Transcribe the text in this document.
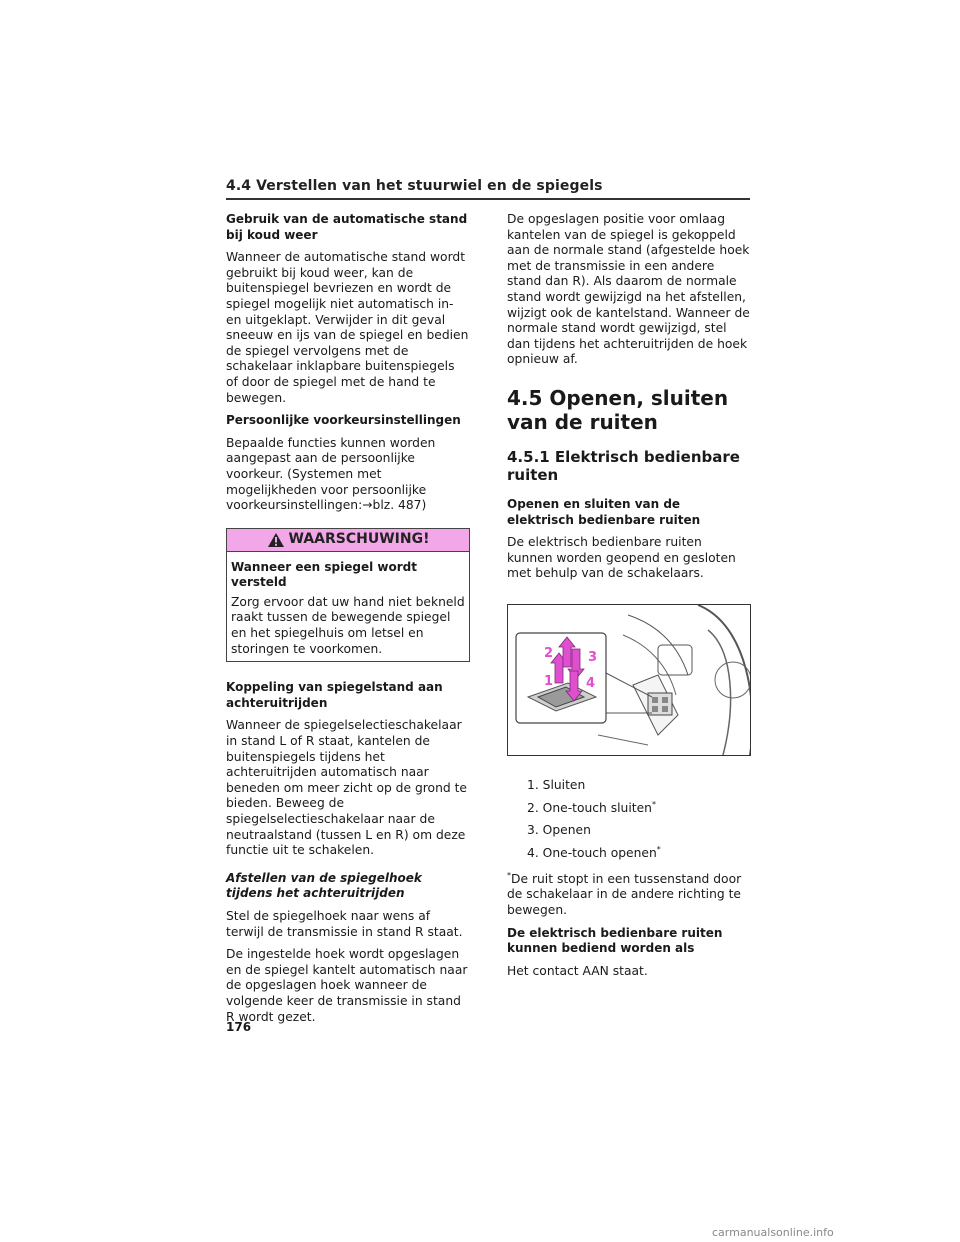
4.4 Verstellen van het stuurwiel en de spiegels
Gebruik van de automatische stand bij koud weer

Wanneer de automatische stand wordt gebruikt bij koud weer, kan de buitenspiegel bevriezen en wordt de spiegel mogelijk niet automatisch in- en uitgeklapt. Verwijder in dit geval sneeuw en ijs van de spiegel en bedien de spiegel vervolgens met de schakelaar inklapbare buitenspiegels of door de spiegel met de hand te bewegen.

Persoonlijke voorkeursinstellingen

Bepaalde functies kunnen worden aangepast aan de persoonlijke voorkeur. (Systemen met mogelijkheden voor persoonlijke voorkeursinstellingen:→blz. 487)

WAARSCHUWING!
Wanneer een spiegel wordt versteld

Zorg ervoor dat uw hand niet bekneld raakt tussen de bewegende spiegel en het spiegelhuis om letsel en storingen te voorkomen.

Koppeling van spiegelstand aan achteruitrijden

Wanneer de spiegelselectieschakelaar in stand L of R staat, kantelen de buitenspiegels tijdens het achteruitrijden automatisch naar beneden om meer zicht op de grond te bieden. Beweeg de spiegelselectieschakelaar naar de neutraalstand (tussen L en R) om deze functie uit te schakelen.

Afstellen van de spiegelhoek tijdens het achteruitrijden

Stel de spiegelhoek naar wens af terwijl de transmissie in stand R staat.

De ingestelde hoek wordt opgeslagen en de spiegel kantelt automatisch naar de opgeslagen hoek wanneer de volgende keer de transmissie in stand R wordt gezet.

De opgeslagen positie voor omlaag kantelen van de spiegel is gekoppeld aan de normale stand (afgestelde hoek met de transmissie in een andere stand dan R). Als daarom de normale stand wordt gewijzigd na het afstellen, wijzigt ook de kantelstand. Wanneer de normale stand wordt gewijzigd, stel dan tijdens het achteruitrijden de hoek opnieuw af.

4.5 Openen, sluiten van de ruiten
4.5.1 Elektrisch bedienbare ruiten
Openen en sluiten van de elektrisch bedienbare ruiten

De elektrisch bedienbare ruiten kunnen worden geopend en gesloten met behulp van de schakelaars.

1
2	3
4
1. Sluiten
2. One-touch sluiten*
3. Openen
4. One-touch openen*

*De ruit stopt in een tussenstand door de schakelaar in de andere richting te bewegen.

De elektrisch bedienbare ruiten kunnen bediend worden als

Het contact AAN staat.

176
carmanualsonline.info
